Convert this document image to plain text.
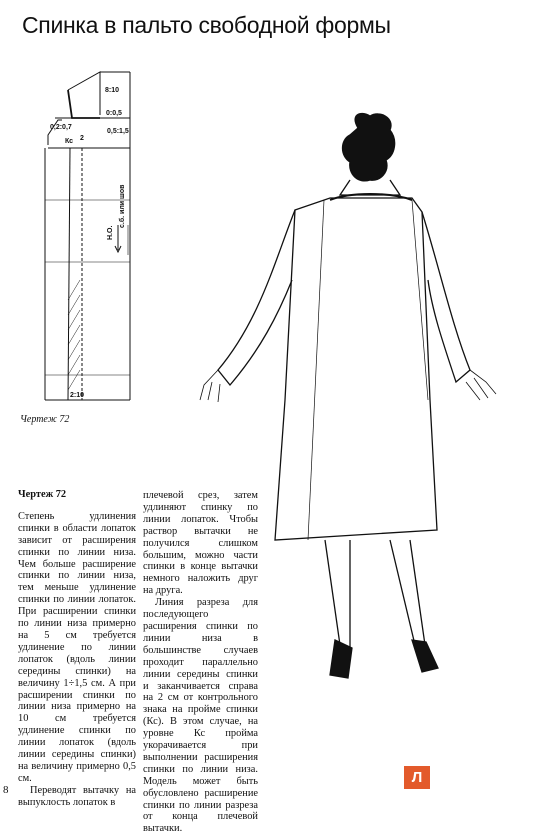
Спинка в пальто свободной формы
8:10
0:0,5
0,2:0,7
0,5:1,5
Кс 2
Н.О.
с.б. или шов
2:10
Чертеж 72
Чертеж 72

Степень удлинения спинки в области лопаток зависит от расширения спинки по линии низа. Чем больше расширение спинки по линии низа, тем меньше удлинение спинки по линии лопаток. При расширении спинки по линии низа примерно на 5 см требуется удлинение по линии лопаток (вдоль линии середины спинки) на величину 1÷1,5 см. А при расширении спинки по линии низа примерно на 10 см требуется удлинение спинки по линии лопаток (вдоль линии середины спинки) на величину примерно 0,5 см.

Переводят вытачку на выпуклость лопаток в

плечевой срез, затем удлиняют спинку по линии лопаток. Чтобы раствор вытачки не получился слишком большим, можно части спинки в конце вытачки немного наложить друг на друга.

Линия разреза для последующего расширения спинки по линии низа в большинстве случаев проходит параллельно линии середины спинки и заканчивается справа на 2 см от контрольного знака на пройме спинки (Кс). В этом случае, на уровне Кс пройма укорачивается при выполнении расширения спинки по линии низа. Модель может быть обусловлено расширение спинки по линии разреза от конца плечевой вытачки.

8
Л
